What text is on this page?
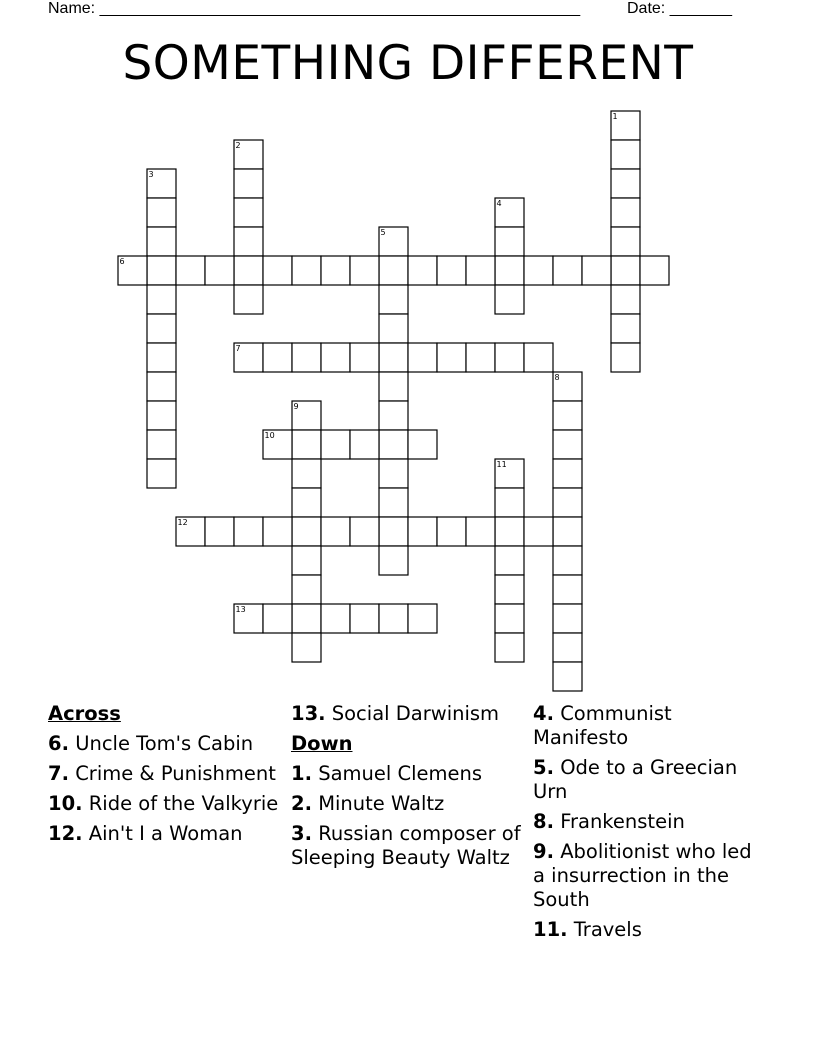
Name: ______________________________________________________	Date: _______
SOMETHING DIFFERENT
1
2
3
4
5
6
7
8
9
10
11
12
13
Across
6. Uncle Tom's Cabin
7. Crime & Punishment
10. Ride of the Valkyrie
12. Ain't I a Woman
13. Social Darwinism
Down
1. Samuel Clemens
2. Minute Waltz
3. Russian composer of Sleeping Beauty Waltz
4. Communist Manifesto
5. Ode to a Greecian Urn
8. Frankenstein
9. Abolitionist who led a insurrection in the South
11. Travels
